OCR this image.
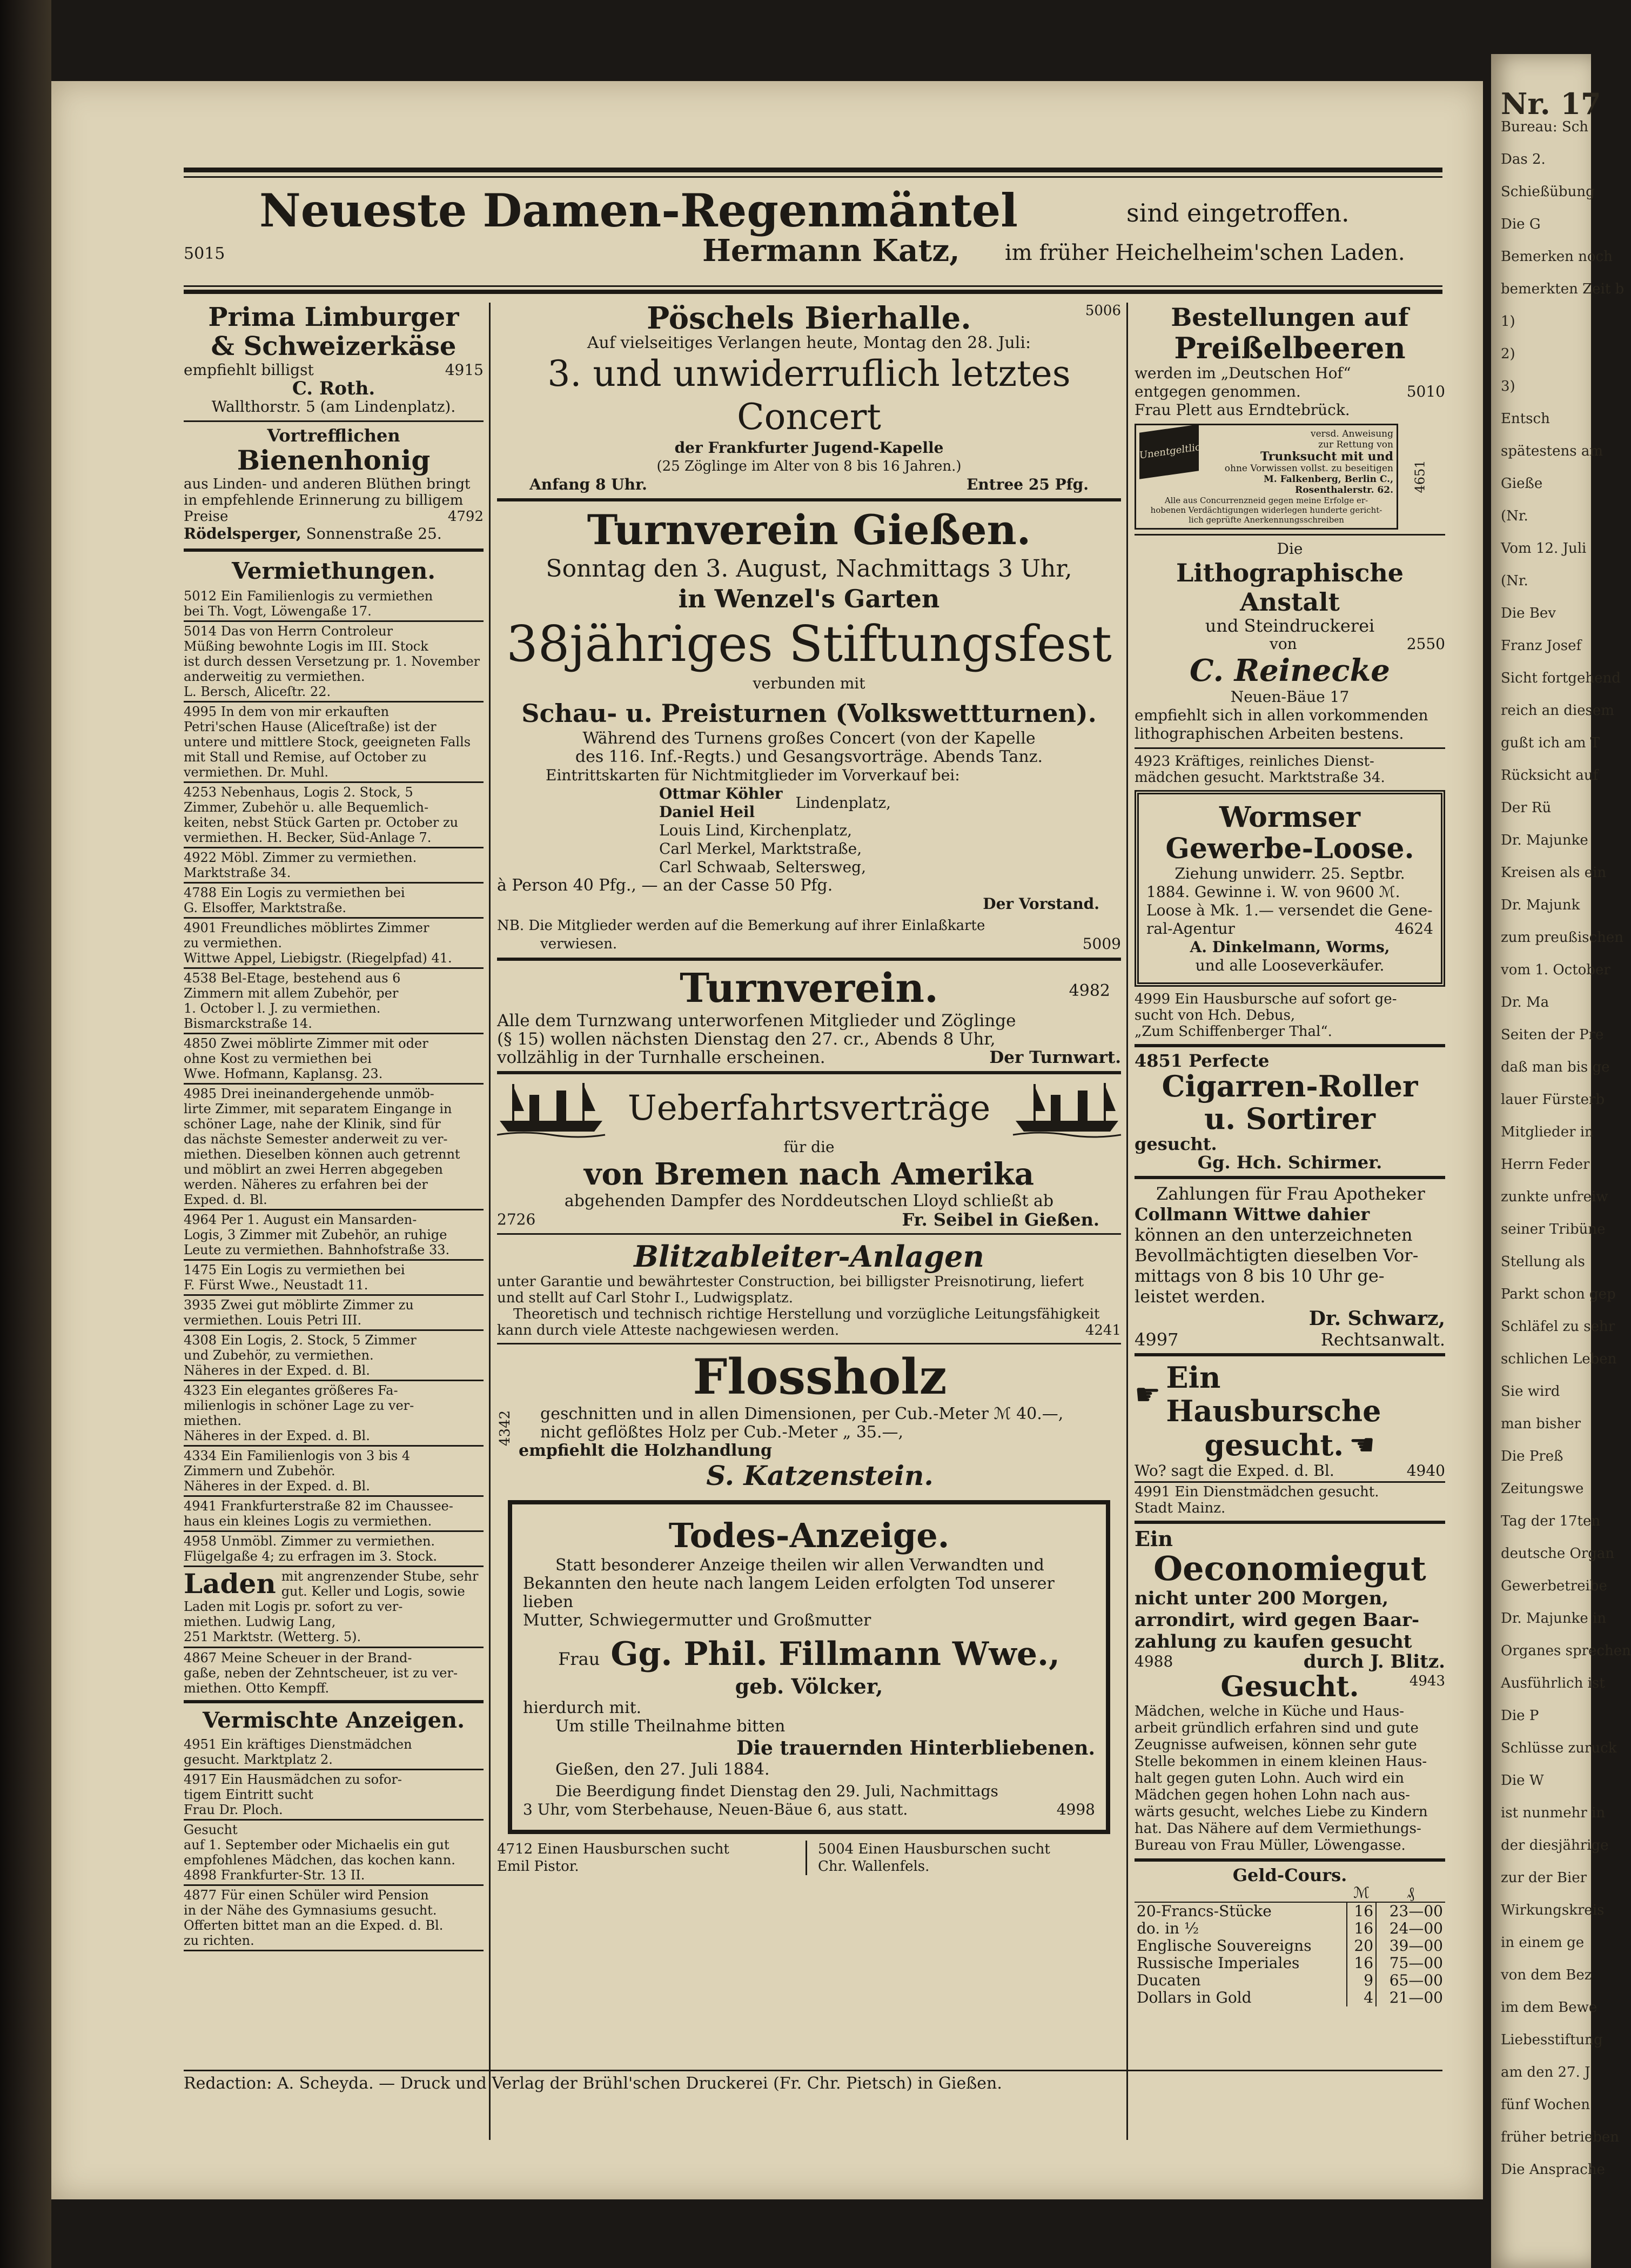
Neueste Damen-Regenmäntel	sind eingetroffen.
5015	Hermann Katz, im früher Heichelheim'schen Laden.

Prima Limburger

& Schweizerkäse

empfiehlt billigst	4915

C. Roth.

Wallthorstr. 5 (am Lindenplatz).

Vortrefflichen

Bienenhonig

aus Linden- und anderen Blüthen bringt

in empfehlende Erinnerung zu billigem

Preise	4792

Rödelsperger, Sonnenstraße 25.

Vermiethungen.

5012 Ein Familienlogis zu vermiethen

bei Th. Vogt, Löwengaße 17.

5014 Das von Herrn Controleur

Müßing bewohnte Logis im III. Stock

ist durch dessen Versetzung pr. 1. November

anderweitig zu vermiethen.

L. Bersch, Aliceſtr. 22.

4995 In dem von mir erkauften

Petri'schen Hause (Aliceſtraße) ist der

untere und mittlere Stock, geeigneten Falls

mit Stall und Remise, auf October zu

vermiethen. Dr. Muhl.

4253 Nebenhaus, Logis 2. Stock, 5

Zimmer, Zubehör u. alle Bequemlich-

keiten, nebst Stück Garten pr. October zu

vermiethen. H. Becker, Süd-Anlage 7.

4922 Möbl. Zimmer zu vermiethen.

Marktstraße 34.

4788 Ein Logis zu vermiethen bei

G. Elsoffer, Marktstraße.

4901 Freundliches möblirtes Zimmer

zu vermiethen.

Wittwe Appel, Liebigstr. (Riegelpfad) 41.

4538 Bel-Etage, bestehend aus 6

Zimmern mit allem Zubehör, per

1. October l. J. zu vermiethen.

Bismarckstraße 14.

4850 Zwei möblirte Zimmer mit oder

ohne Kost zu vermiethen bei

Wwe. Hofmann, Kaplansg. 23.

4985 Drei ineinandergehende unmöb-

lirte Zimmer, mit separatem Eingange in

schöner Lage, nahe der Klinik, sind für

das nächste Semester anderweit zu ver-

miethen. Dieselben können auch getrennt

und möblirt an zwei Herren abgegeben

werden. Näheres zu erfahren bei der

Exped. d. Bl.

4964 Per 1. August ein Mansarden-

Logis, 3 Zimmer mit Zubehör, an ruhige

Leute zu vermiethen. Bahnhofstraße 33.

1475 Ein Logis zu vermiethen bei

F. Fürst Wwe., Neustadt 11.

3935 Zwei gut möblirte Zimmer zu

vermiethen. Louis Petri III.

4308 Ein Logis, 2. Stock, 5 Zimmer

und Zubehör, zu vermiethen.

Näheres in der Exped. d. Bl.

4323 Ein elegantes größeres Fa-

milienlogis in schöner Lage zu ver-

miethen.

Näheres in der Exped. d. Bl.

4334 Ein Familienlogis von 3 bis 4

Zimmern und Zubehör.

Näheres in der Exped. d. Bl.

4941 Frankfurterstraße 82 im Chaussee-

haus ein kleines Logis zu vermiethen.

4958 Unmöbl. Zimmer zu vermiethen.

Flügelgaße 4; zu erfragen im 3. Stock.

Laden mit angrenzender Stube, sehr

gut. Keller und Logis, sowie

Laden mit Logis pr. sofort zu ver-

miethen. Ludwig Lang,

251 Marktstr. (Wetterg. 5).

4867 Meine Scheuer in der Brand-

gaße, neben der Zehntscheuer, ist zu ver-

miethen. Otto Kempff.

Vermischte Anzeigen.

4951 Ein kräftiges Dienstmädchen

gesucht. Marktplatz 2.

4917 Ein Hausmädchen zu sofor-

tigem Eintritt sucht

Frau Dr. Ploch.

Gesucht

auf 1. September oder Michaelis ein gut

empfohlenes Mädchen, das kochen kann.

4898 Frankfurter-Str. 13 II.

4877 Für einen Schüler wird Pension

in der Nähe des Gymnasiums gesucht.

Offerten bittet man an die Exped. d. Bl.

zu richten.

Pöschels Bierhalle.	5006

Auf vielseitiges Verlangen heute, Montag den 28. Juli:

3. und unwiderruflich letztes Concert

der Frankfurter Jugend-Kapelle

(25 Zöglinge im Alter von 8 bis 16 Jahren.)

Anfang 8 Uhr.	Entree 25 Pfg.

Turnverein Gießen.

Sonntag den 3. August, Nachmittags 3 Uhr,

in Wenzel's Garten

38jähriges Stiftungsfest

verbunden mit

Schau- u. Preisturnen (Volkswettturnen).

Während des Turnens großes Concert (von der Kapelle

des 116. Inf.-Regts.) und Gesangsvorträge. Abends Tanz.

Eintrittskarten für Nichtmitglieder im Vorverkauf bei:

Ottmar Köhler

Daniel Heil

Lindenplatz,

Louis Lind, Kirchenplatz,

Carl Merkel, Marktstraße,

Carl Schwaab, Seltersweg,

à Person 40 Pfg., — an der Casse 50 Pfg.

Der Vorstand.

NB. Die Mitglieder werden auf die Bemerkung auf ihrer Einlaßkarte

verwiesen.	5009

Turnverein.	4982

Alle dem Turnzwang unterworfenen Mitglieder und Zöglinge

(§ 15) wollen nächsten Dienstag den 27. cr., Abends 8 Uhr,

vollzählig in der Turnhalle erscheinen.	Der Turnwart.

Ueberfahrtsverträge

für die

von Bremen nach Amerika

abgehenden Dampfer des Norddeutschen Lloyd schließt ab

2726	Fr. Seibel in Gießen.

Blitzableiter-Anlagen

unter Garantie und bewährtester Construction, bei billigster Preisnotirung, liefert

und stellt auf Carl Stohr I., Ludwigsplatz.

Theoretisch und technisch richtige Herstellung und vorzügliche Leitungsfähigkeit

kann durch viele Atteste nachgewiesen werden.	4241

4342

Flossholz

geschnitten und in allen Dimensionen, per Cub.-Meter ℳ 40.—,

nicht geflößtes Holz per Cub.-Meter „ 35.—,

empfiehlt die Holzhandlung

S. Katzenstein.

Todes-Anzeige.

Statt besonderer Anzeige theilen wir allen Verwandten und

Bekannten den heute nach langem Leiden erfolgten Tod unserer lieben

Mutter, Schwiegermutter und Großmutter

Frau Gg. Phil. Fillmann Wwe.,

geb. Völcker,

hierdurch mit.

Um stille Theilnahme bitten

Die trauernden Hinterbliebenen.

Gießen, den 27. Juli 1884.

Die Beerdigung findet Dienstag den 29. Juli, Nachmittags

3 Uhr, vom Sterbehause, Neuen-Bäue 6, aus statt.	4998

4712 Einen Hausburschen sucht

Emil Pistor.

5004 Einen Hausburschen sucht

Chr. Wallenfels.

Bestellungen auf

Preißelbeeren

werden im „Deutschen Hof“

entgegen genommen.	5010

Frau Plett aus Erndtebrück.

Unentgeltlich
versd. Anweisung
zur Rettung von
Trunksucht mit und
ohne Vorwissen vollst. zu beseitigen
M. Falkenberg, Berlin C., Rosenthalerstr. 62.
Alle aus Concurrenzneid gegen meine Erfolge er-
hobenen Verdächtigungen widerlegen hunderte gericht-
lich geprüfte Anerkennungsschreiben
4651

Die

Lithographische Anstalt

und Steindruckerei

von	2550

C. Reinecke

Neuen-Bäue 17

empfiehlt sich in allen vorkommenden

lithographischen Arbeiten bestens.

4923 Kräftiges, reinliches Dienst-

mädchen gesucht. Marktstraße 34.

Wormser

Gewerbe-Loose.

Ziehung unwiderr. 25. Septbr.

1884. Gewinne i. W. von 9600 ℳ.

Loose à Mk. 1.— versendet die Gene-

ral-Agentur	4624

A. Dinkelmann, Worms,

und alle Looseverkäufer.

4999 Ein Hausbursche auf sofort ge-

sucht von Hch. Debus,

„Zum Schiffenberger Thal“.

4851 Perfecte

Cigarren-Roller

u. Sortirer

gesucht.

Gg. Hch. Schirmer.

Zahlungen für Frau Apotheker

Collmann Wittwe dahier

können an den unterzeichneten

Bevollmächtigten dieselben Vor-

mittags von 8 bis 10 Uhr ge-

leistet werden.

Dr. Schwarz,

4997	Rechtsanwalt.

☛ Ein Hausbursche
gesucht. ☛

Wo? sagt die Exped. d. Bl.	4940

4991 Ein Dienstmädchen gesucht.

Stadt Mainz.

Ein

Oeconomiegut

nicht unter 200 Morgen,

arrondirt, wird gegen Baar-

zahlung zu kaufen gesucht

4988	durch J. Blitz.

Gesucht.	4943

Mädchen, welche in Küche und Haus-

arbeit gründlich erfahren sind und gute

Zeugnisse aufweisen, können sehr gute

Stelle bekommen in einem kleinen Haus-

halt gegen guten Lohn. Auch wird ein

Mädchen gegen hohen Lohn nach aus-

wärts gesucht, welches Liebe zu Kindern

hat. Das Nähere auf dem Vermiethungs-

Bureau von Frau Müller, Löwengasse.

Geld-Cours.

	ℳ	₰
20-Francs-Stücke	16	23—00
do. in ½	16	24—00
Englische Souvereigns	20	39—00
Russische Imperiales	16	75—00
Ducaten	9	65—00
Dollars in Gold	4	21—00
Redaction: A. Scheyda. — Druck und Verlag der Brühl'schen Druckerei (Fr. Chr. Pietsch) in Gießen.
Nr. 17
Bureau: Sch
Das 2.
Schießübung
Die G
Bemerken noch
bemerkten Zeit b
1)
2)
3)
Entsch
spätestens am
Gieße
(Nr.
Vom 12. Juli
(Nr.
Die Bev
Franz Josef
Sicht fortgehend
reich an diesem
gußt ich am T
Rücksicht auf
Der Rü
Dr. Majunke
Kreisen als ein
Dr. Majunk
zum preußischen
vom 1. October
Dr. Ma
Seiten der Pre
daß man bis ge
lauer Fürsterb
Mitglieder in
Herrn Feder
zunkte unfreiw
seiner Tribüne
Stellung als
Parkt schon gep
Schläfel zu sehr
schlichen Leben
Sie wird
man bisher
Die Preß
Zeitungswe
Tag der 17ten
deutsche Organ
Gewerbetreibe
Dr. Majunke in
Organes sprechen
Ausführlich ist
Die P
Schlüsse zuruck
Die W
ist nunmehr in
der diesjährige
zur der Bier
Wirkungskreis
in einem ge
von dem Bez
im dem Bewe
Liebesstiftung
am den 27. J
fünf Wochen
früher betrieben
Die Ansprache
